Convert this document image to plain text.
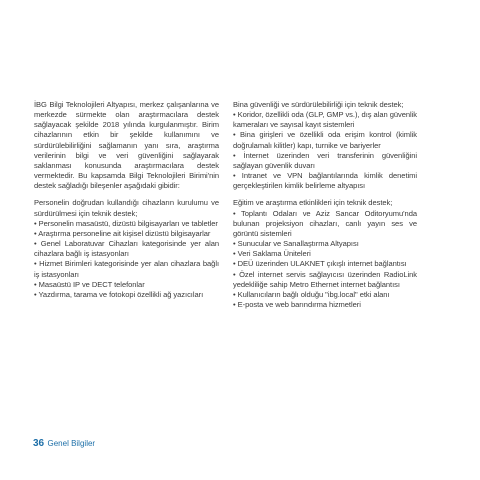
İBG Bilgi Teknolojileri Altyapısı, merkez çalışanlarına ve merkezde sürmekte olan araştırmacılara destek sağlayacak şekilde 2018 yılında kurgulanmıştır. Birim cihazlarının etkin bir şekilde kullanımını ve sürdürülebilirliğini sağlamanın yanı sıra, araştırma verilerinin bilgi ve veri güvenliğini sağlayarak saklanması konusunda araştırmacılara destek vermektedir. Bu kapsamda Bilgi Teknolojileri Birimi'nin destek sağladığı bileşenler aşağıdaki gibidir:

Personelin doğrudan kullandığı cihazların kurulumu ve sürdürülmesi için teknik destek;

• Personelin masaüstü, dizüstü bilgisayarları ve tabletler

• Araştırma personeline ait kişisel dizüstü bilgisayarlar

• Genel Laboratuvar Cihazları kategorisinde yer alan cihazlara bağlı iş istasyonları

• Hizmet Birimleri kategorisinde yer alan cihazlara bağlı iş istasyonları

• Masaüstü IP ve DECT telefonlar

• Yazdırma, tarama ve fotokopi özellikli ağ yazıcıları

Bina güvenliği ve sürdürülebilirliği için teknik destek;

• Koridor, özellikli oda (GLP, GMP vs.), dış alan güvenlik kameraları ve sayısal kayıt sistemleri

• Bina girişleri ve özellikli oda erişim kontrol (kimlik doğrulamalı kilitler) kapı, turnike ve bariyerler

• İnternet üzerinden veri transferinin güvenliğini sağlayan güvenlik duvarı

• Intranet ve VPN bağlantılarında kimlik denetimi gerçekleştirilen kimlik belirleme altyapısı

Eğitim ve araştırma etkinlikleri için teknik destek;

• Toplantı Odaları ve Aziz Sancar Oditoryumu'nda bulunan projeksiyon cihazları, canlı yayın ses ve görüntü sistemleri

• Sunucular ve Sanallaştırma Altyapısı

• Veri Saklama Üniteleri

• DEÜ üzerinden ULAKNET çıkışlı internet bağlantısı

• Özel internet servis sağlayıcısı üzerinden RadioLink yedekliliğe sahip Metro Ethernet internet bağlantısı

• Kullanıcıların bağlı olduğu "ibg.local" etki alanı

• E-posta ve web barındırma hizmetleri

36 Genel Bilgiler
